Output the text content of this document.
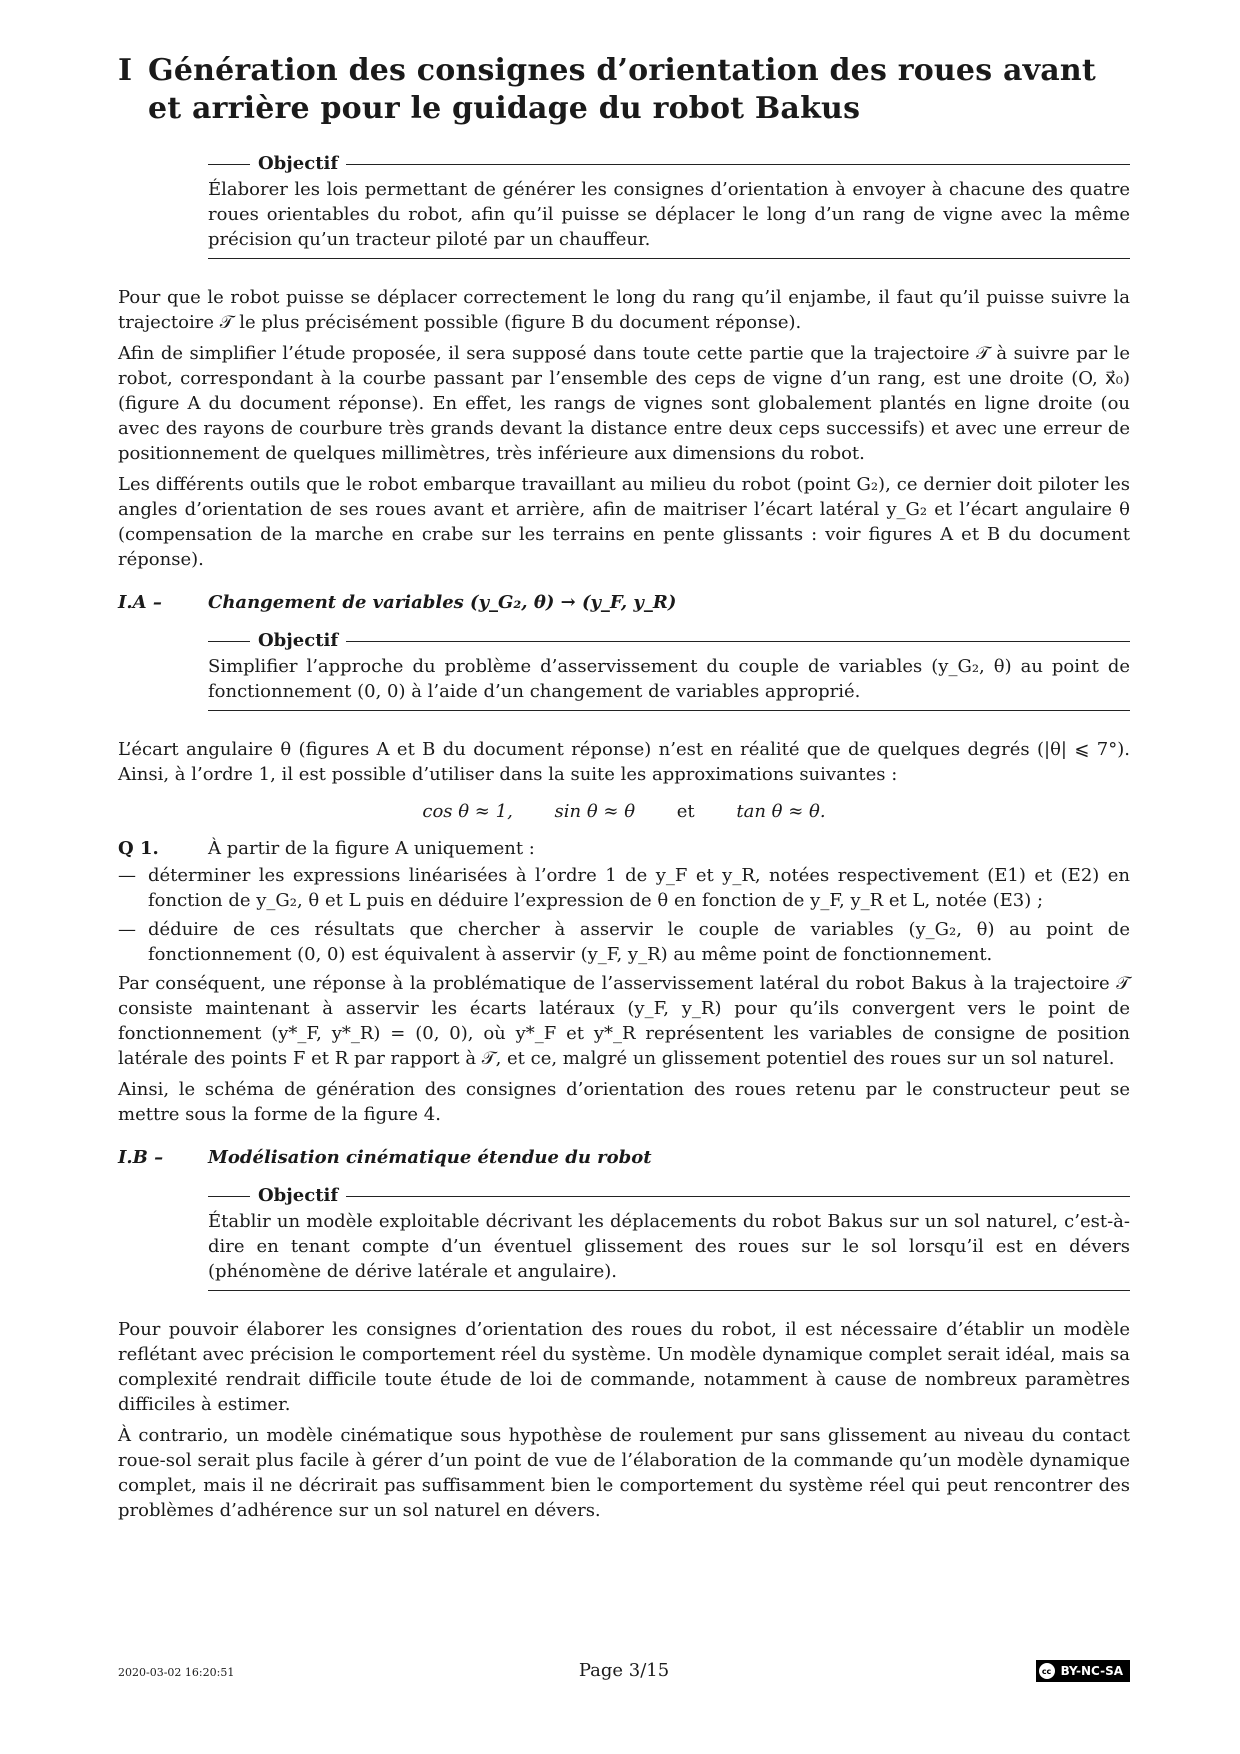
I Génération des consignes d’orientation des roues avant et arrière pour le guidage du robot Bakus
Objectif
Élaborer les lois permettant de générer les consignes d’orientation à envoyer à chacune des quatre roues orientables du robot, afin qu’il puisse se déplacer le long d’un rang de vigne avec la même précision qu’un tracteur piloté par un chauffeur.

Pour que le robot puisse se déplacer correctement le long du rang qu’il enjambe, il faut qu’il puisse suivre la trajectoire 𝒯 le plus précisément possible (figure B du document réponse).

Afin de simplifier l’étude proposée, il sera supposé dans toute cette partie que la trajectoire 𝒯 à suivre par le robot, correspondant à la courbe passant par l’ensemble des ceps de vigne d’un rang, est une droite (O, x⃗₀) (figure A du document réponse). En effet, les rangs de vignes sont globalement plantés en ligne droite (ou avec des rayons de courbure très grands devant la distance entre deux ceps successifs) et avec une erreur de positionnement de quelques millimètres, très inférieure aux dimensions du robot.

Les différents outils que le robot embarque travaillant au milieu du robot (point G₂), ce dernier doit piloter les angles d’orientation de ses roues avant et arrière, afin de maitriser l’écart latéral y_G₂ et l’écart angulaire θ (compensation de la marche en crabe sur les terrains en pente glissants : voir figures A et B du document réponse).

I.A –	Changement de variables (y_G₂, θ) → (y_F, y_R)
Objectif
Simplifier l’approche du problème d’asservissement du couple de variables (y_G₂, θ) au point de fonctionnement (0, 0) à l’aide d’un changement de variables approprié.

L’écart angulaire θ (figures A et B du document réponse) n’est en réalité que de quelques degrés (|θ| ⩽ 7°). Ainsi, à l’ordre 1, il est possible d’utiliser dans la suite les approximations suivantes :

cos θ ≈ 1, sin θ ≈ θ et tan θ ≈ θ.
Q 1.	À partir de la figure A uniquement :
— déterminer les expressions linéarisées à l’ordre 1 de y_F et y_R, notées respectivement (E1) et (E2) en fonction de y_G₂, θ et L puis en déduire l’expression de θ en fonction de y_F, y_R et L, notée (E3) ;
— déduire de ces résultats que chercher à asservir le couple de variables (y_G₂, θ) au point de fonctionnement (0, 0) est équivalent à asservir (y_F, y_R) au même point de fonctionnement.

Par conséquent, une réponse à la problématique de l’asservissement latéral du robot Bakus à la trajectoire 𝒯 consiste maintenant à asservir les écarts latéraux (y_F, y_R) pour qu’ils convergent vers le point de fonctionnement (y*_F, y*_R) = (0, 0), où y*_F et y*_R représentent les variables de consigne de position latérale des points F et R par rapport à 𝒯, et ce, malgré un glissement potentiel des roues sur un sol naturel.

Ainsi, le schéma de génération des consignes d’orientation des roues retenu par le constructeur peut se mettre sous la forme de la figure 4.

I.B –	Modélisation cinématique étendue du robot
Objectif
Établir un modèle exploitable décrivant les déplacements du robot Bakus sur un sol naturel, c’est-à-dire en tenant compte d’un éventuel glissement des roues sur le sol lorsqu’il est en dévers (phénomène de dérive latérale et angulaire).

Pour pouvoir élaborer les consignes d’orientation des roues du robot, il est nécessaire d’établir un modèle reflétant avec précision le comportement réel du système. Un modèle dynamique complet serait idéal, mais sa complexité rendrait difficile toute étude de loi de commande, notamment à cause de nombreux paramètres difficiles à estimer.

À contrario, un modèle cinématique sous hypothèse de roulement pur sans glissement au niveau du contact roue-sol serait plus facile à gérer d’un point de vue de l’élaboration de la commande qu’un modèle dynamique complet, mais il ne décrirait pas suffisamment bien le comportement du système réel qui peut rencontrer des problèmes d’adhérence sur un sol naturel en dévers.

2020-03-02 16:20:51	Page 3/15	cc BY-NC-SA
